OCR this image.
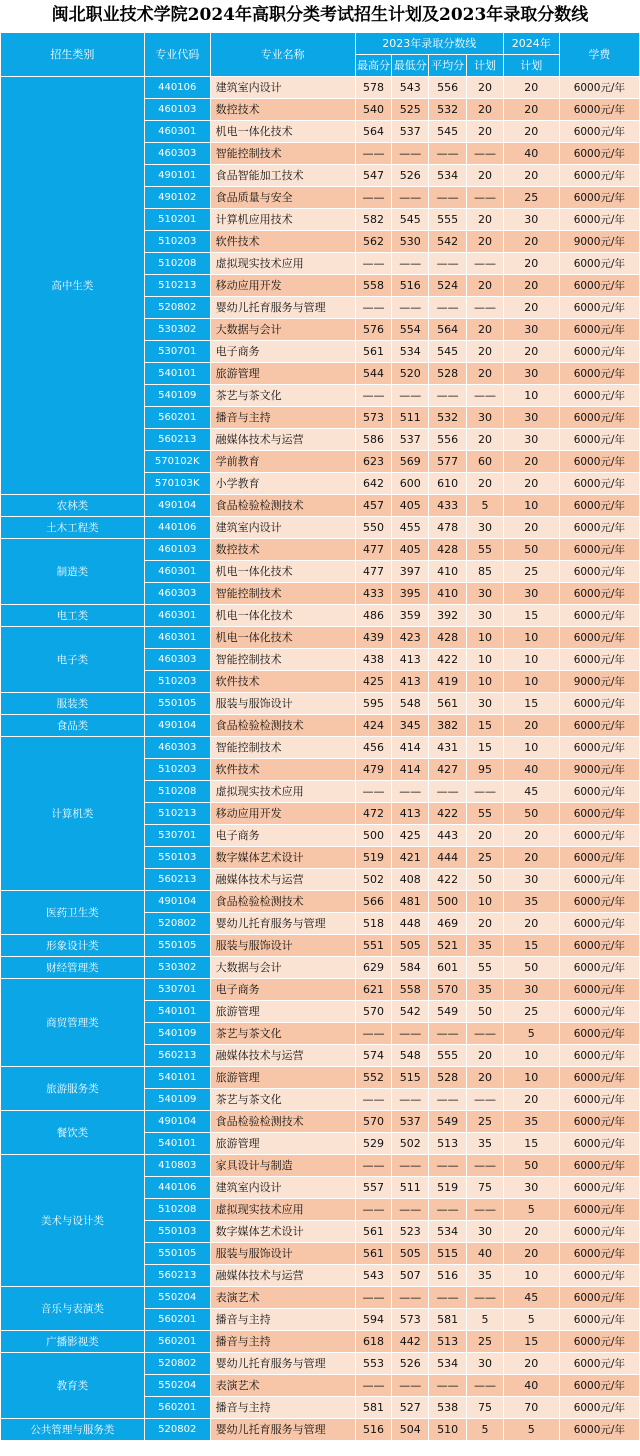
闽北职业技术学院2024年高职分类考试招生计划及2023年录取分数线
招生类别	专业代码	专业名称	2023年录取分数线				2024年	学费
			最高分	最低分	平均分	计划	计划	
高中生类	440106	建筑室内设计	578	543	556	20	20	6000元/年
	460103	数控技术	540	525	532	20	20	6000元/年
	460301	机电一体化技术	564	537	545	20	20	6000元/年
	460303	智能控制技术	——	——	——	——	40	6000元/年
	490101	食品智能加工技术	547	526	534	20	20	6000元/年
	490102	食品质量与安全	——	——	——	——	25	6000元/年
	510201	计算机应用技术	582	545	555	20	30	6000元/年
	510203	软件技术	562	530	542	20	20	9000元/年
	510208	虚拟现实技术应用	——	——	——	——	20	6000元/年
	510213	移动应用开发	558	516	524	20	20	6000元/年
	520802	婴幼儿托育服务与管理	——	——	——	——	20	6000元/年
	530302	大数据与会计	576	554	564	20	30	6000元/年
	530701	电子商务	561	534	545	20	20	6000元/年
	540101	旅游管理	544	520	528	20	30	6000元/年
	540109	茶艺与茶文化	——	——	——	——	10	6000元/年
	560201	播音与主持	573	511	532	30	30	6000元/年
	560213	融媒体技术与运营	586	537	556	20	30	6000元/年
	570102K	学前教育	623	569	577	60	20	6000元/年
	570103K	小学教育	642	600	610	20	20	6000元/年
农林类	490104	食品检验检测技术	457	405	433	5	10	6000元/年
土木工程类	440106	建筑室内设计	550	455	478	30	20	6000元/年
制造类	460103	数控技术	477	405	428	55	50	6000元/年
	460301	机电一体化技术	477	397	410	85	25	6000元/年
	460303	智能控制技术	433	395	410	30	30	6000元/年
电工类	460301	机电一体化技术	486	359	392	30	15	6000元/年
电子类	460301	机电一体化技术	439	423	428	10	10	6000元/年
	460303	智能控制技术	438	413	422	10	10	6000元/年
	510203	软件技术	425	413	419	10	10	9000元/年
服装类	550105	服装与服饰设计	595	548	561	30	15	6000元/年
食品类	490104	食品检验检测技术	424	345	382	15	20	6000元/年
计算机类	460303	智能控制技术	456	414	431	15	10	6000元/年
	510203	软件技术	479	414	427	95	40	9000元/年
	510208	虚拟现实技术应用	——	——	——	——	45	6000元/年
	510213	移动应用开发	472	413	422	55	50	6000元/年
	530701	电子商务	500	425	443	20	20	6000元/年
	550103	数字媒体艺术设计	519	421	444	25	20	6000元/年
	560213	融媒体技术与运营	502	408	422	50	30	6000元/年
医药卫生类	490104	食品检验检测技术	566	481	500	10	35	6000元/年
	520802	婴幼儿托育服务与管理	518	448	469	20	20	6000元/年
形象设计类	550105	服装与服饰设计	551	505	521	35	15	6000元/年
财经管理类	530302	大数据与会计	629	584	601	55	50	6000元/年
商贸管理类	530701	电子商务	621	558	570	35	30	6000元/年
	540101	旅游管理	570	542	549	50	25	6000元/年
	540109	茶艺与茶文化	——	——	——	——	5	6000元/年
	560213	融媒体技术与运营	574	548	555	20	10	6000元/年
旅游服务类	540101	旅游管理	552	515	528	20	10	6000元/年
	540109	茶艺与茶文化	——	——	——	——	20	6000元/年
餐饮类	490104	食品检验检测技术	570	537	549	25	35	6000元/年
	540101	旅游管理	529	502	513	35	15	6000元/年
美术与设计类	410803	家具设计与制造	——	——	——	——	50	6000元/年
	440106	建筑室内设计	557	511	519	75	30	6000元/年
	510208	虚拟现实技术应用	——	——	——	——	5	6000元/年
	550103	数字媒体艺术设计	561	523	534	30	20	6000元/年
	550105	服装与服饰设计	561	505	515	40	20	6000元/年
	560213	融媒体技术与运营	543	507	516	35	10	6000元/年
音乐与表演类	550204	表演艺术	——	——	——	——	45	6000元/年
	560201	播音与主持	594	573	581	5	5	6000元/年
广播影视类	560201	播音与主持	618	442	513	25	15	6000元/年
教育类	520802	婴幼儿托育服务与管理	553	526	534	30	20	6000元/年
	550204	表演艺术	——	——	——	——	40	6000元/年
	560201	播音与主持	581	527	538	75	70	6000元/年
公共管理与服务类	520802	婴幼儿托育服务与管理	516	504	510	5	5	6000元/年
